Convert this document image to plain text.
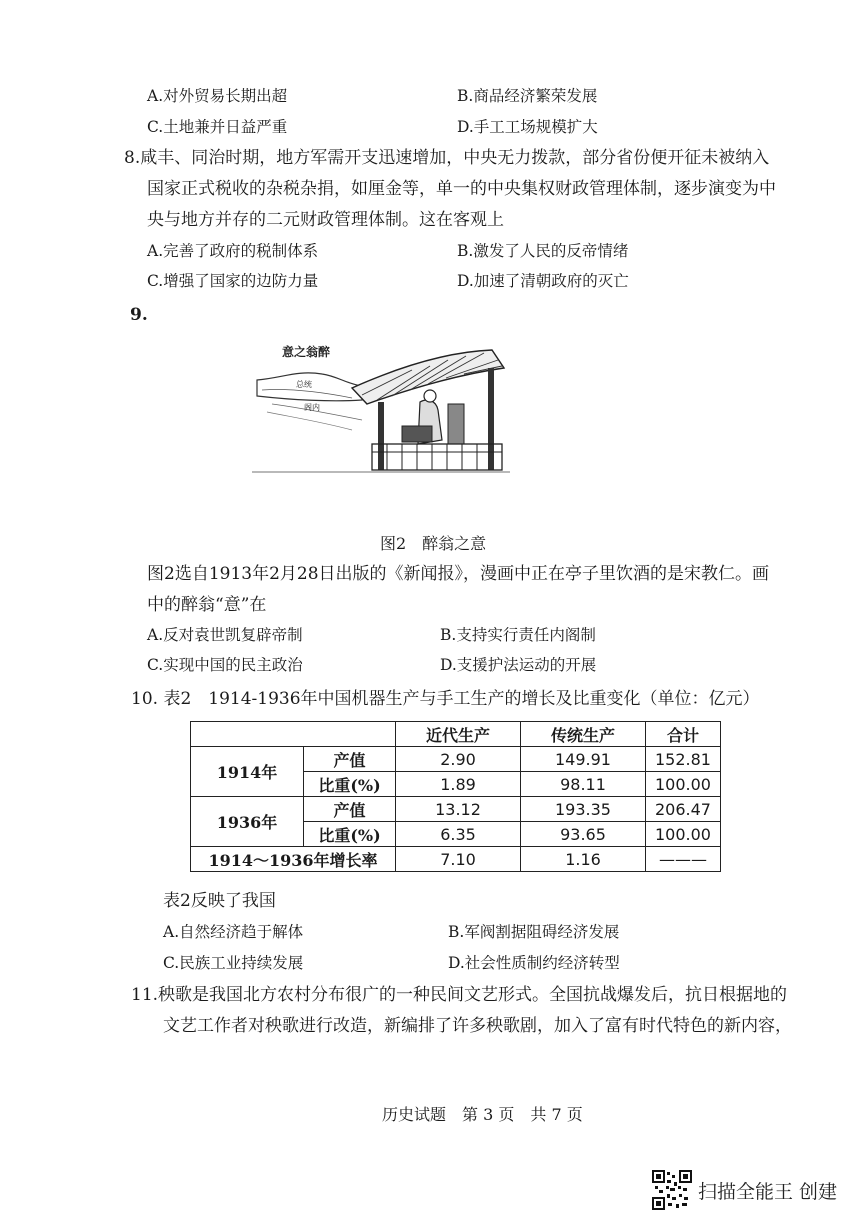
A.对外贸易长期出超	B.商品经济繁荣发展
C.土地兼并日益严重	D.手工工场规模扩大
8.咸丰、同治时期，地方军需开支迅速增加，中央无力拨款，部分省份便开征未被纳入
国家正式税收的杂税杂捐，如厘金等，单一的中央集权财政管理体制，逐步演变为中
央与地方并存的二元财政管理体制。这在客观上
A.完善了政府的税制体系	B.激发了人民的反帝情绪
C.增强了国家的边防力量	D.加速了清朝政府的灭亡
9.
意之翁醉
总统
阁内
图2　醉翁之意
图2选自1913年2月28日出版的《新闻报》，漫画中正在亭子里饮酒的是宋教仁。画
中的醉翁“意”在
A.反对袁世凯复辟帝制	B.支持实行责任内阁制
C.实现中国的民主政治	D.支援护法运动的开展
10. 表2　1914-1936年中国机器生产与手工生产的增长及比重变化（单位：亿元）
		近代生产	传统生产	合计
1914年	产值	2.90	149.91	152.81
	比重(%)	1.89	98.11	100.00
1936年	产值	13.12	193.35	206.47
	比重(%)	6.35	93.65	100.00
1914～1936年增长率		7.10	1.16	———
表2反映了我国
A.自然经济趋于解体	B.军阀割据阻碍经济发展
C.民族工业持续发展	D.社会性质制约经济转型
11.秧歌是我国北方农村分布很广的一种民间文艺形式。全国抗战爆发后，抗日根据地的
文艺工作者对秧歌进行改造，新编排了许多秧歌剧，加入了富有时代特色的新内容，
历史试题　第 3 页　共 7 页
扫描全能王 创建
